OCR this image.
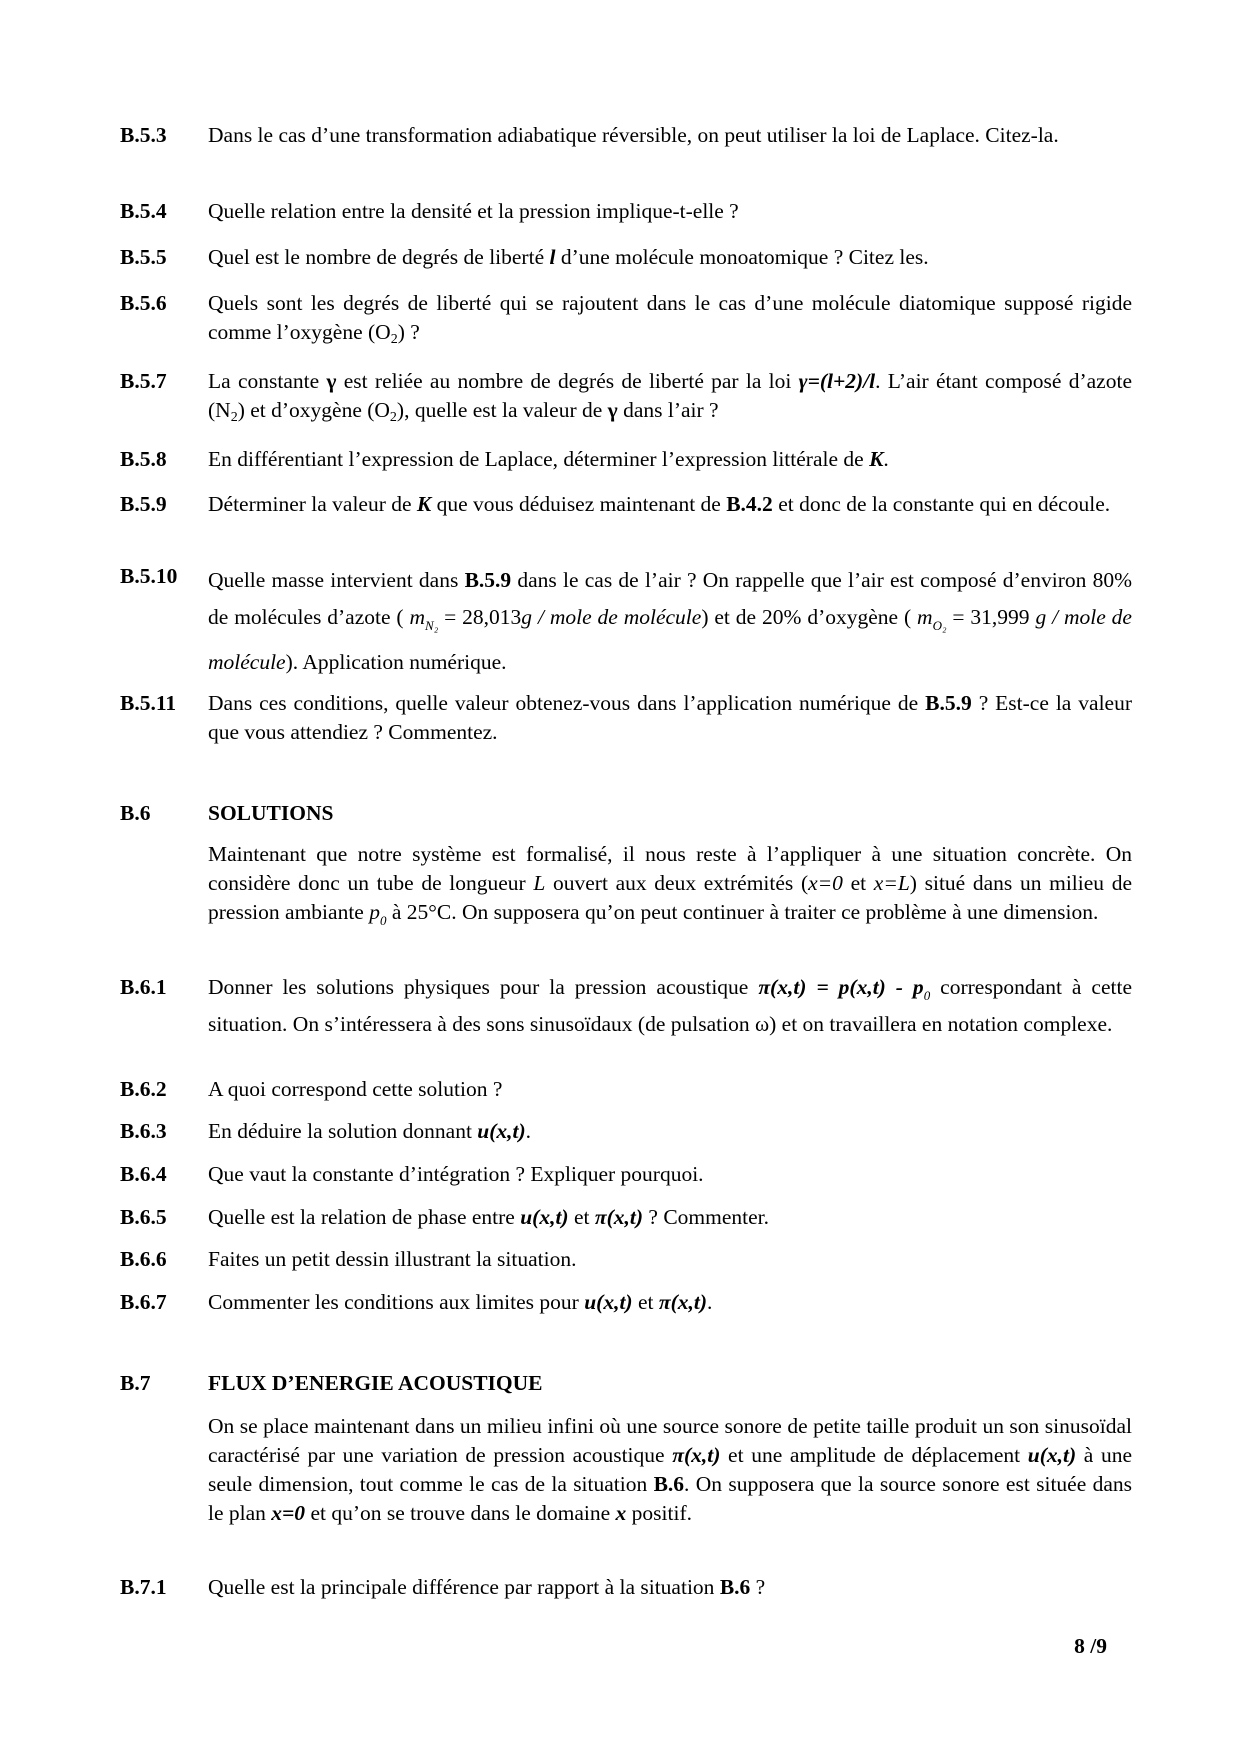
B.5.3 Dans le cas d’une transformation adiabatique réversible, on peut utiliser la loi de Laplace. Citez-la.
B.5.4 Quelle relation entre la densité et la pression implique-t-elle ?
B.5.5 Quel est le nombre de degrés de liberté l d’une molécule monoatomique ? Citez les.
B.5.6 Quels sont les degrés de liberté qui se rajoutent dans le cas d’une molécule diatomique supposé rigide comme l’oxygène $(O_2)$ ?
B.5.7 La constante γ est reliée au nombre de degrés de liberté par la loi γ=(l+2)/l. L’air étant composé d’azote $(N_2)$ et d’oxygène $(O_2)$, quelle est la valeur de γ dans l’air ?
B.5.8 En différentiant l’expression de Laplace, déterminer l’expression littérale de K.
B.5.9 Déterminer la valeur de K que vous déduisez maintenant de B.4.2 et donc de la constante qui en découle.
B.5.10 Quelle masse intervient dans B.5.9 dans le cas de l’air ? On rappelle que l’air est composé d’environ 80% de molécules d’azote ( $m_{N_2} = 28,013g$ / mole de molécule) et de 20% d’oxygène ( $m_{O_2} = 31,999$ g / mole de molécule). Application numérique.
B.5.11 Dans ces conditions, quelle valeur obtenez-vous dans l’application numérique de B.5.9 ? Est-ce la valeur que vous attendiez ? Commentez.
B.6	SOLUTIONS
Maintenant que notre système est formalisé, il nous reste à l’appliquer à une situation concrète. On considère donc un tube de longueur L ouvert aux deux extrémités (x=0 et x=L) situé dans un milieu de pression ambiante $p_0$ à 25°C. On supposera qu’on peut continuer à traiter ce problème à une dimension.
B.6.1 Donner les solutions physiques pour la pression acoustique $\pi(x,t) = p(x,t) - p_0$ correspondant à cette situation. On s’intéressera à des sons sinusoïdaux (de pulsation ω) et on travaillera en notation complexe.
B.6.2 A quoi correspond cette solution ?
B.6.3 En déduire la solution donnant u(x,t).
B.6.4 Que vaut la constante d’intégration ? Expliquer pourquoi.
B.6.5 Quelle est la relation de phase entre u(x,t) et π(x,t) ? Commenter.
B.6.6 Faites un petit dessin illustrant la situation.
B.6.7 Commenter les conditions aux limites pour u(x,t) et π(x,t).
B.7	FLUX D’ENERGIE ACOUSTIQUE
On se place maintenant dans un milieu infini où une source sonore de petite taille produit un son sinusoïdal caractérisé par une variation de pression acoustique π(x,t) et une amplitude de déplacement u(x,t) à une seule dimension, tout comme le cas de la situation B.6. On supposera que la source sonore est située dans le plan x=0 et qu’on se trouve dans le domaine x positif.
B.7.1 Quelle est la principale différence par rapport à la situation B.6 ?
8 /9
